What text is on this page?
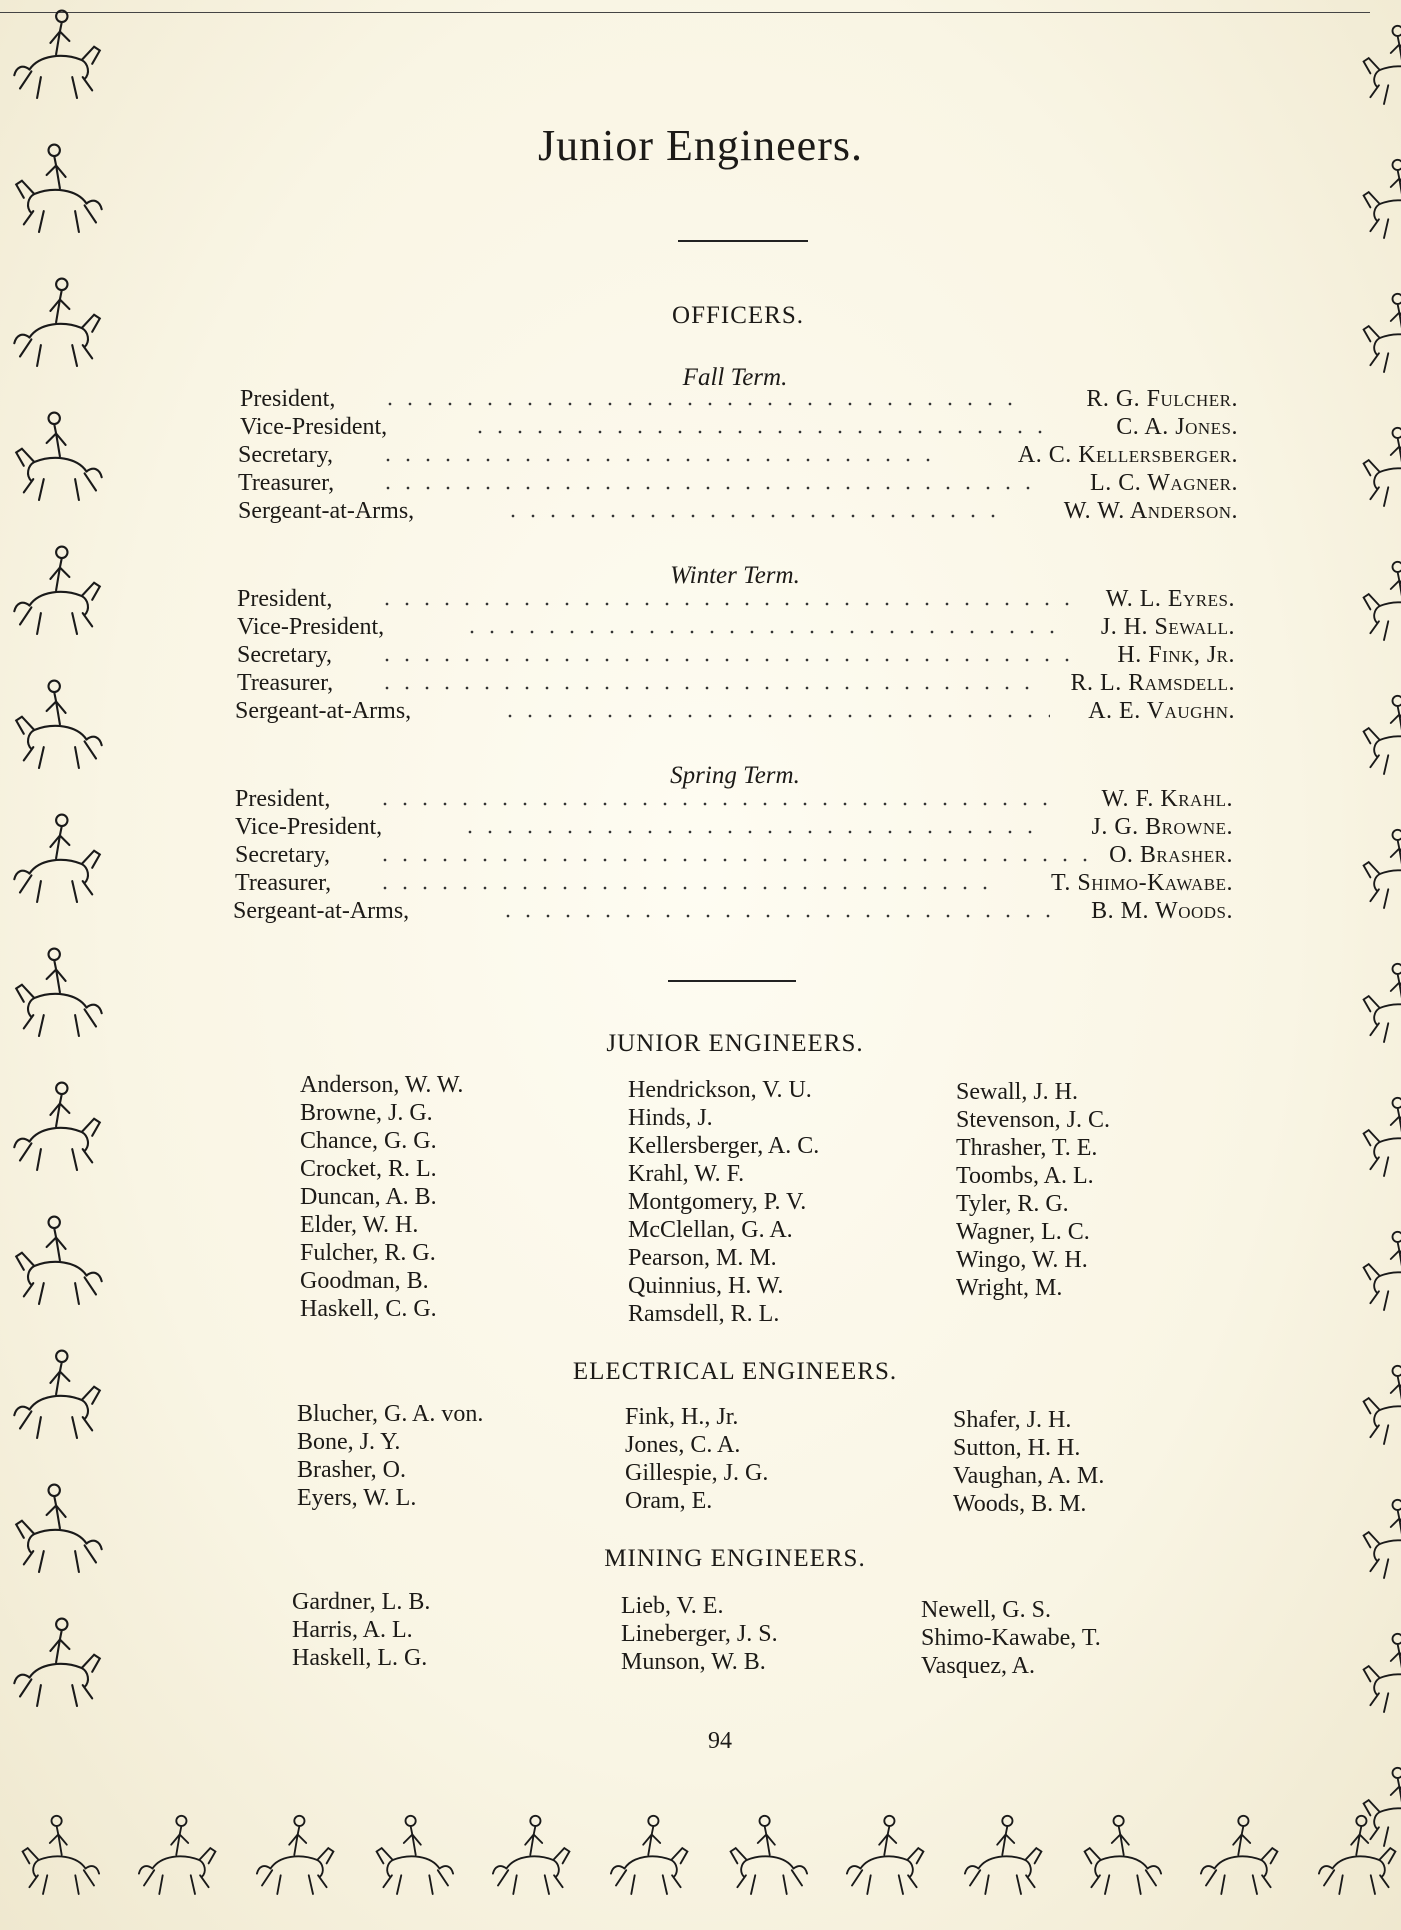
Junior Engineers.
OFFICERS.
Fall Term.
President,	R. G. Fulcher.
Vice-President,	C. A. Jones.
Secretary,	A. C. Kellersberger.
Treasurer,	L. C. Wagner.
Sergeant-at-Arms,	W. W. Anderson.
Winter Term.
President,	W. L. Eyres.
Vice-President,	J. H. Sewall.
Secretary,	H. Fink, Jr.
Treasurer,	R. L. Ramsdell.
Sergeant-at-Arms,	A. E. Vaughn.
Spring Term.
President,	W. F. Krahl.
Vice-President,	J. G. Browne.
Secretary,	O. Brasher.
Treasurer,	T. Shimo-Kawabe.
Sergeant-at-Arms,	B. M. Woods.
JUNIOR ENGINEERS.
Anderson, W. W.
Browne, J. G.
Chance, G. G.
Crocket, R. L.
Duncan, A. B.
Elder, W. H.
Fulcher, R. G.
Goodman, B.
Haskell, C. G.
Hendrickson, V. U.
Hinds, J.
Kellersberger, A. C.
Krahl, W. F.
Montgomery, P. V.
McClellan, G. A.
Pearson, M. M.
Quinnius, H. W.
Ramsdell, R. L.
Sewall, J. H.
Stevenson, J. C.
Thrasher, T. E.
Toombs, A. L.
Tyler, R. G.
Wagner, L. C.
Wingo, W. H.
Wright, M.
ELECTRICAL ENGINEERS.
Blucher, G. A. von.
Bone, J. Y.
Brasher, O.
Eyers, W. L.
Fink, H., Jr.
Jones, C. A.
Gillespie, J. G.
Oram, E.
Shafer, J. H.
Sutton, H. H.
Vaughan, A. M.
Woods, B. M.
MINING ENGINEERS.
Gardner, L. B.
Harris, A. L.
Haskell, L. G.
Lieb, V. E.
Lineberger, J. S.
Munson, W. B.
Newell, G. S.
Shimo-Kawabe, T.
Vasquez, A.
94
